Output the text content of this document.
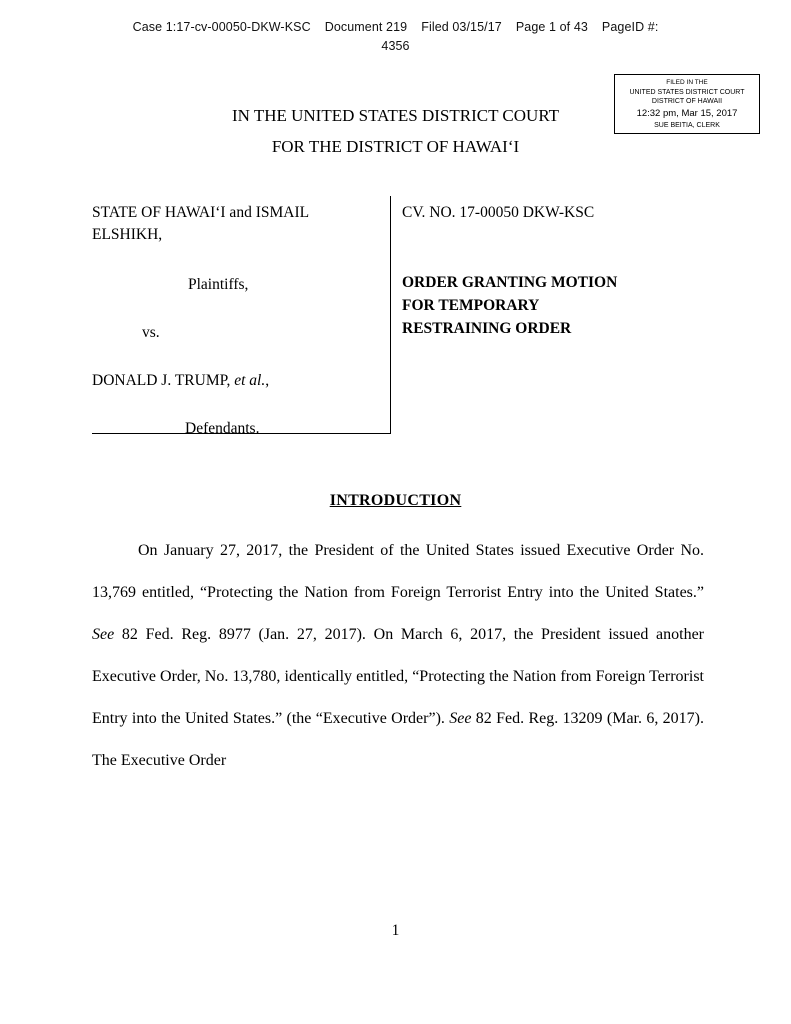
Case 1:17-cv-00050-DKW-KSC Document 219 Filed 03/15/17 Page 1 of 43 PageID #:
4356
FILED IN THE
UNITED STATES DISTRICT COURT
DISTRICT OF HAWAII
12:32 pm, Mar 15, 2017
SUE BEITIA, CLERK
IN THE UNITED STATES DISTRICT COURT
FOR THE DISTRICT OF HAWAIʻI
STATE OF HAWAIʻI and ISMAIL ELSHIKH,
Plaintiffs,
vs.
DONALD J. TRUMP, et al.,
Defendants.
CV. NO. 17-00050 DKW-KSC
ORDER GRANTING MOTION
FOR TEMPORARY
RESTRAINING ORDER
INTRODUCTION

On January 27, 2017, the President of the United States issued Executive Order No. 13,769 entitled, “Protecting the Nation from Foreign Terrorist Entry into the United States.” See 82 Fed. Reg. 8977 (Jan. 27, 2017). On March 6, 2017, the President issued another Executive Order, No. 13,780, identically entitled, “Protecting the Nation from Foreign Terrorist Entry into the United States.” (the “Executive Order”). See 82 Fed. Reg. 13209 (Mar. 6, 2017). The Executive Order

1
